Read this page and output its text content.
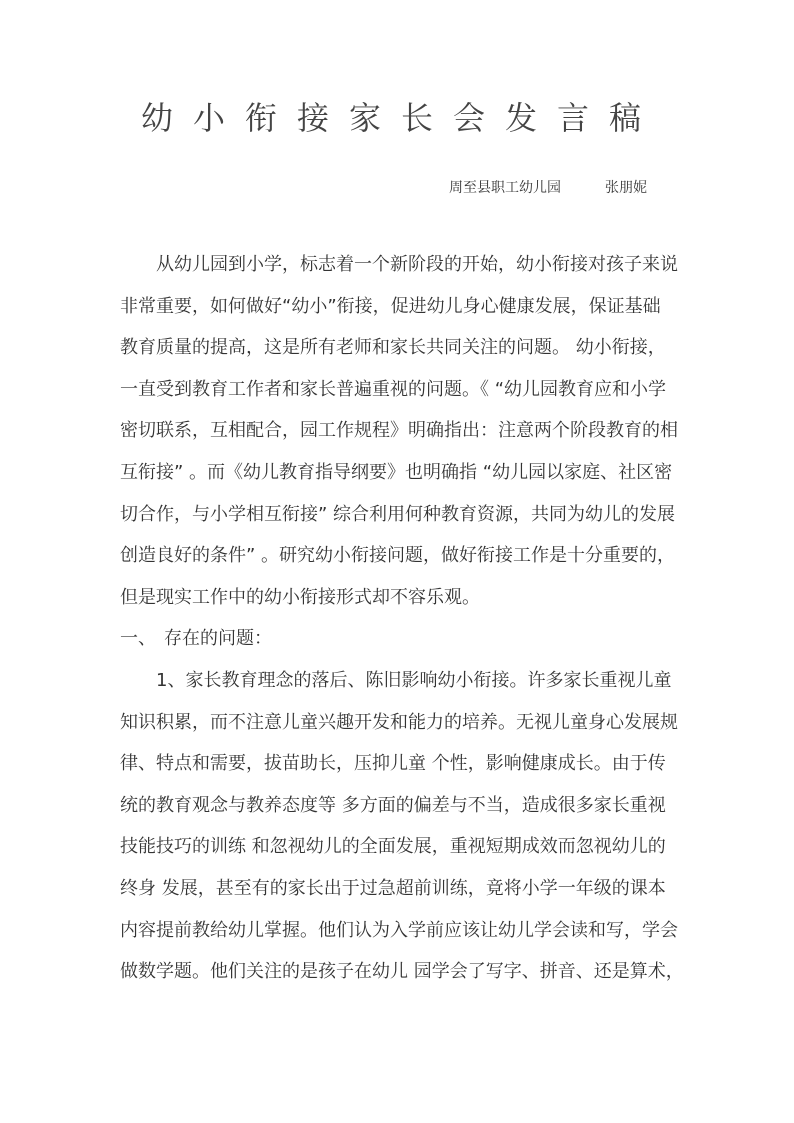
幼小衔接家长会发言稿
周至县职工幼儿园	张朋妮

从幼儿园到小学，标志着一个新阶段的开始，幼小衔接对孩子来说
非常重要，如何做好“幼小”衔接，促进幼儿身心健康发展，保证基础
教育质量的提高，这是所有老师和家长共同关注的问题。 幼小衔接，
一直受到教育工作者和家长普遍重视的问题。《 “幼儿园教育应和小学
密切联系，互相配合，园工作规程》明确指出：注意两个阶段教育的相
互衔接” 。而《幼儿教育指导纲要》也明确指 “幼儿园以家庭、社区密
切合作，与小学相互衔接” 综合利用何种教育资源，共同为幼儿的发展
创造良好的条件” 。研究幼小衔接问题，做好衔接工作是十分重要的，
但是现实工作中的幼小衔接形式却不容乐观。

一、 存在的问题：

1、家长教育理念的落后、陈旧影响幼小衔接。许多家长重视儿童
知识积累，而不注意儿童兴趣开发和能力的培养。无视儿童身心发展规
律、特点和需要，拔苗助长，压抑儿童 个性，影响健康成长。由于传
统的教育观念与教养态度等 多方面的偏差与不当，造成很多家长重视
技能技巧的训练 和忽视幼儿的全面发展，重视短期成效而忽视幼儿的
终身 发展，甚至有的家长出于过急超前训练，竟将小学一年级的课本
内容提前教给幼儿掌握。他们认为入学前应该让幼儿学会读和写，学会
做数学题。他们关注的是孩子在幼儿 园学会了写字、拼音、还是算术，
